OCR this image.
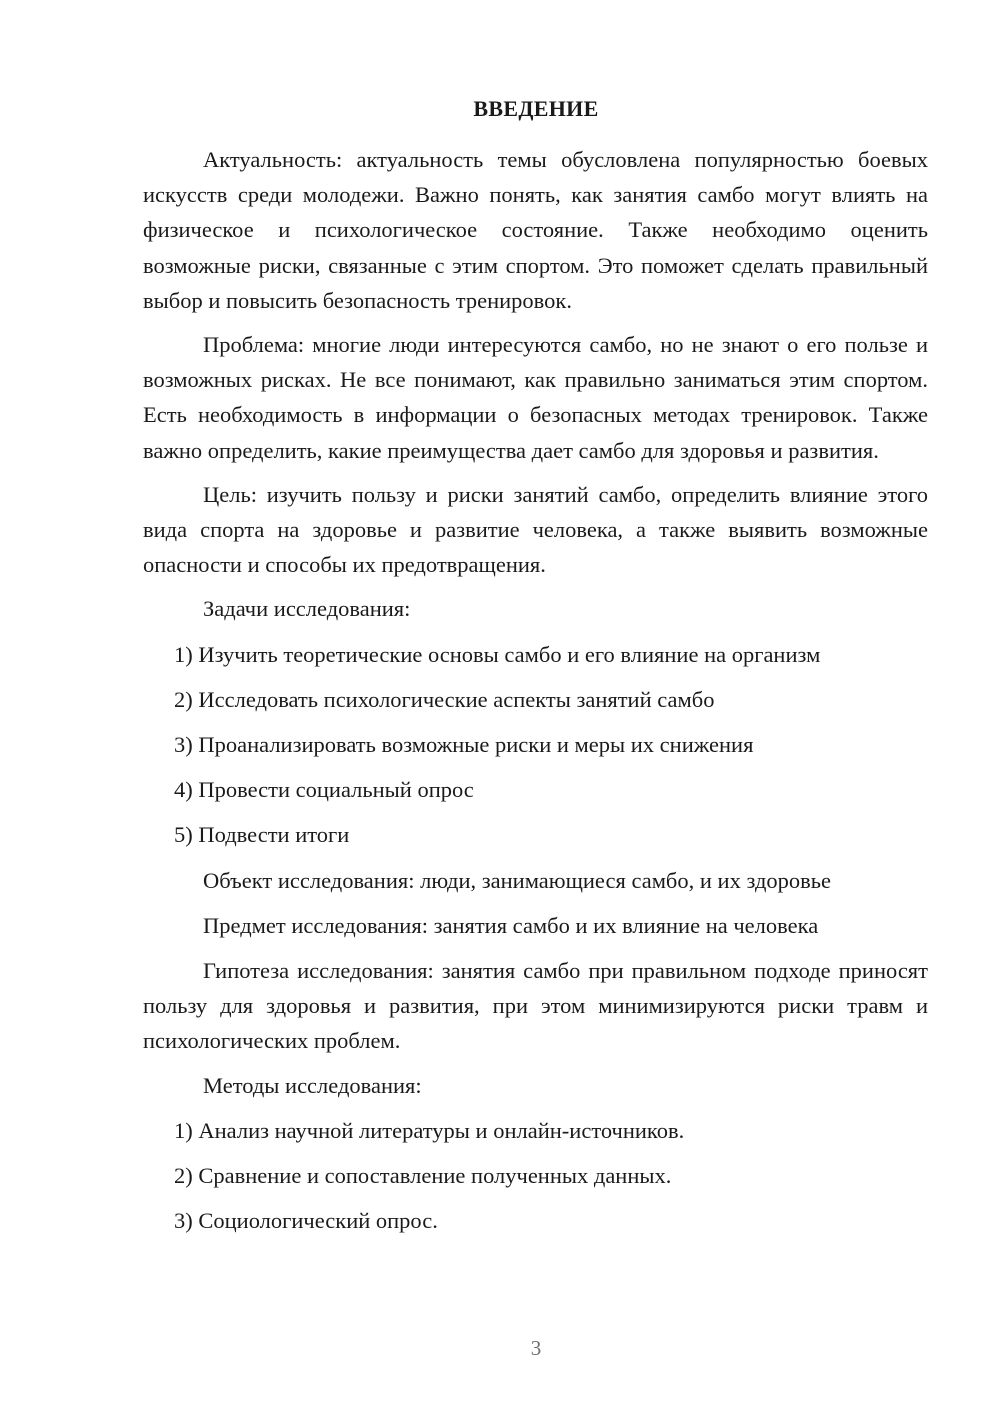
ВВЕДЕНИЕ

Актуальность: актуальность темы обусловлена популярностью боевых искусств среди молодежи. Важно понять, как занятия самбо могут влиять на физическое и психологическое состояние. Также необходимо оценить возможные риски, связанные с этим спортом. Это поможет сделать правильный выбор и повысить безопасность тренировок.

Проблема: многие люди интересуются самбо, но не знают о его пользе и возможных рисках. Не все понимают, как правильно заниматься этим спортом. Есть необходимость в информации о безопасных методах тренировок. Также важно определить, какие преимущества дает самбо для здоровья и развития.

Цель: изучить пользу и риски занятий самбо, определить влияние этого вида спорта на здоровье и развитие человека, а также выявить возможные опасности и способы их предотвращения.

Задачи исследования:
1) Изучить теоретические основы самбо и его влияние на организм
2) Исследовать психологические аспекты занятий самбо
3) Проанализировать возможные риски и меры их снижения
4) Провести социальный опрос
5) Подвести итоги
Объект исследования: люди, занимающиеся самбо, и их здоровье
Предмет исследования: занятия самбо и их влияние на человека

Гипотеза исследования: занятия самбо при правильном подходе приносят пользу для здоровья и развития, при этом минимизируются риски травм и психологических проблем.

Методы исследования:
1) Анализ научной литературы и онлайн-источников.
2) Сравнение и сопоставление полученных данных.
3) Социологический опрос.
3
